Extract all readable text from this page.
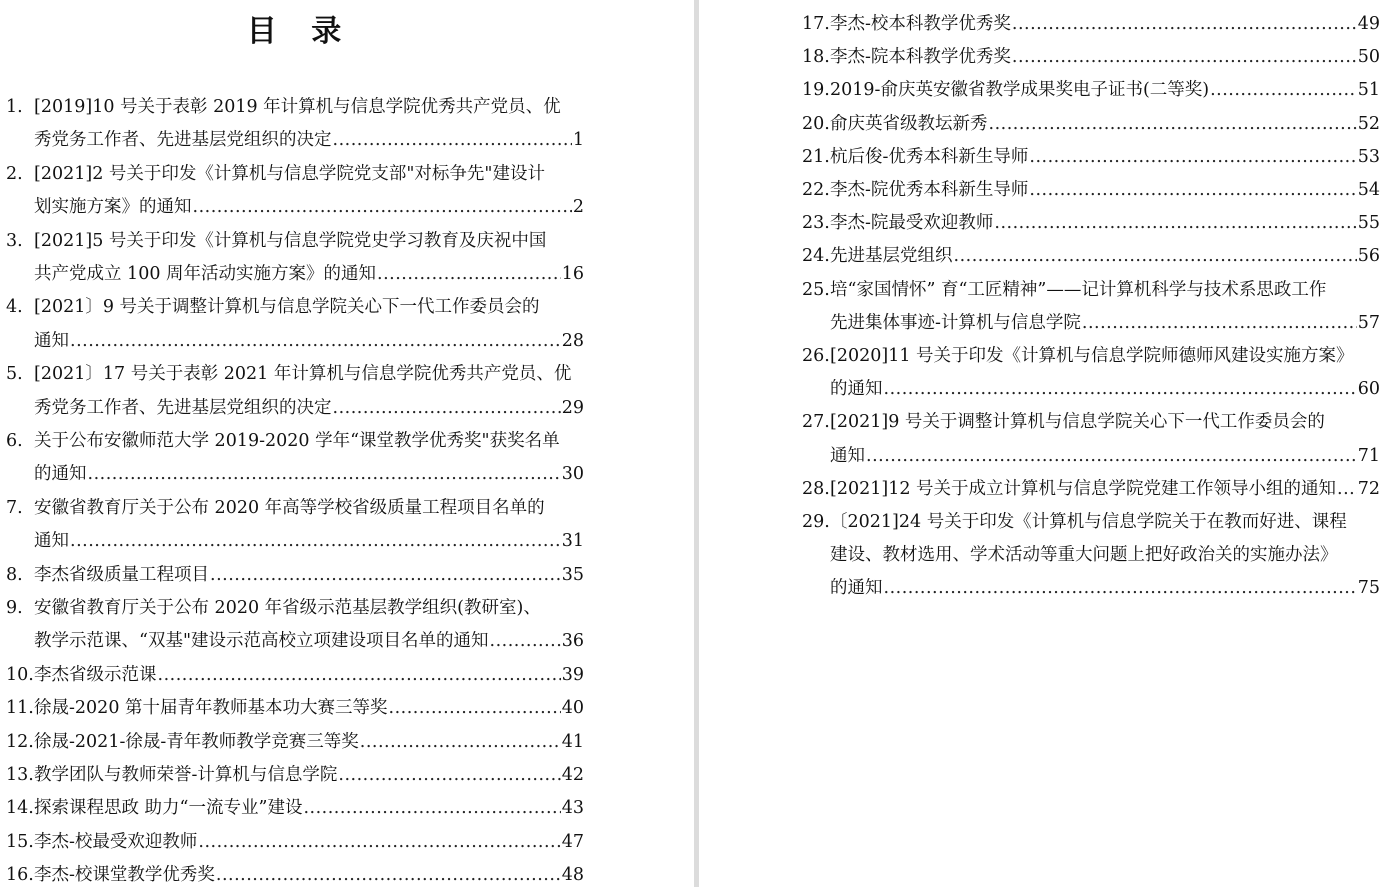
目 录
1. [2019]10 号关于表彰 2019 年计算机与信息学院优秀共产党员、优
秀党务工作者、先进基层党组织的决定 .....	1
2. [2021]2 号关于印发《计算机与信息学院党支部"对标争先"建设计
划实施方案》的通知 .....	2
3. [2021]5 号关于印发《计算机与信息学院党史学习教育及庆祝中国
共产党成立 100 周年活动实施方案》的通知 .....	16
4. [2021〕9 号关于调整计算机与信息学院关心下一代工作委员会的
通知 .....	28
5. [2021〕17 号关于表彰 2021 年计算机与信息学院优秀共产党员、优
秀党务工作者、先进基层党组织的决定 .....	29
6. 关于公布安徽师范大学 2019-2020 学年“课堂教学优秀奖"获奖名单
的通知 .....	30
7. 安徽省教育厅关于公布 2020 年高等学校省级质量工程项目名单的
通知 .....	31
8. 李杰省级质量工程项目 .....	35
9. 安徽省教育厅关于公布 2020 年省级示范基层教学组织(教研室)、
教学示范课、“双基"建设示范高校立项建设项目名单的通知 .....	36
10. 李杰省级示范课 .....	39
11. 徐晟-2020 第十届青年教师基本功大赛三等奖 .....	40
12. 徐晟-2021-徐晟-青年教师教学竞赛三等奖 .....	41
13. 教学团队与教师荣誉-计算机与信息学院 .....	42
14. 探索课程思政 助力“一流专业”建设 .....	43
15. 李杰-校最受欢迎教师 .....	47
16. 李杰-校课堂教学优秀奖 .....	48
17. 李杰-校本科教学优秀奖 .....	49
18. 李杰-院本科教学优秀奖 .....	50
19. 2019-俞庆英安徽省教学成果奖电子证书(二等奖) .....	51
20. 俞庆英省级教坛新秀 .....	52
21. 杭后俊-优秀本科新生导师 .....	53
22. 李杰-院优秀本科新生导师 .....	54
23. 李杰-院最受欢迎教师 .....	55
24. 先进基层党组织 .....	56
25. 培“家国情怀” 育“工匠精神”——记计算机科学与技术系思政工作
先进集体事迹-计算机与信息学院 .....	57
26. [2020]11 号关于印发《计算机与信息学院师德师风建设实施方案》
的通知 .....	60
27. [2021]9 号关于调整计算机与信息学院关心下一代工作委员会的
通知 .....	71
28. [2021]12 号关于成立计算机与信息学院党建工作领导小组的通知 ..... 72
29. 〔2021]24 号关于印发《计算机与信息学院关于在教而好进、课程
建设、教材选用、学术活动等重大问题上把好政治关的实施办法》
的通知 .....	75
